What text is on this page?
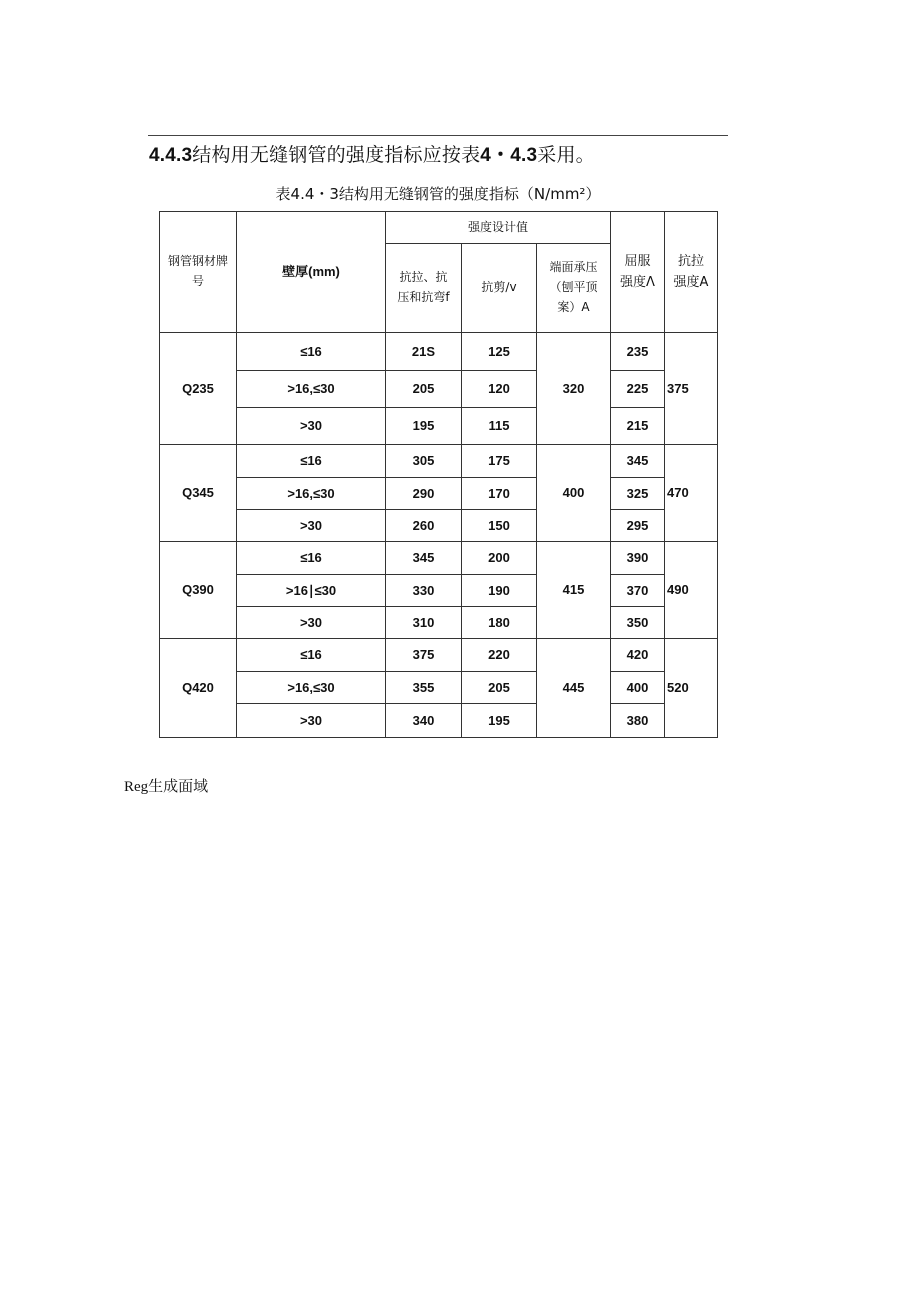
4.4.3结构用无缝钢管的强度指标应按表4・4.3采用。
表4.4・3结构用无缝钢管的强度指标（N∕mm²）
钢管钢材牌号	壁厚(mm)	强度设计值			屈服强度Λ	抗拉强度A
		抗拉、抗压和抗弯f	抗剪∕v	端面承压（刨平顶案）A		
Q235	≤16	21S	125	320	235	375
	>16,≤30	205	120		225	
	>30	195	115		215	
Q345	≤16	305	175	400	345	470
	>16,≤30	290	170		325	
	>30	260	150		295	
Q390	≤16	345	200	415	390	490
	>16∣≤30	330	190		370	
	>30	310	180		350	
Q420	≤16	375	220	445	420	520
	>16,≤30	355	205		400	
	>30	340	195		380	
Reg生成面域
